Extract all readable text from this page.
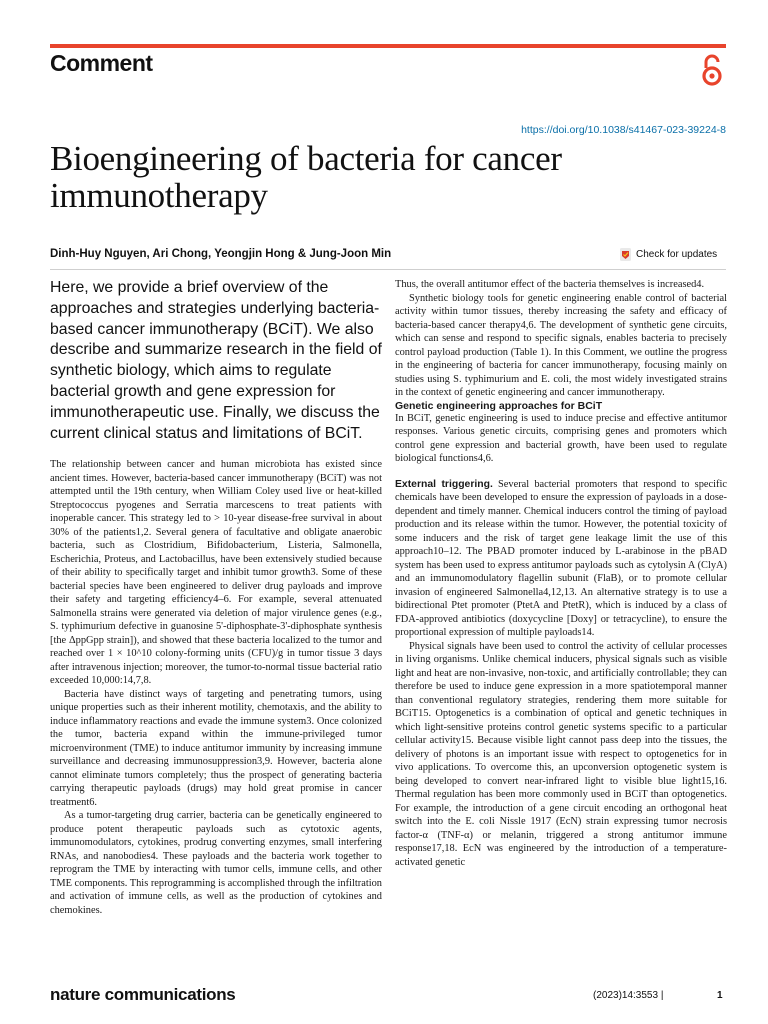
Comment
https://doi.org/10.1038/s41467-023-39224-8
Bioengineering of bacteria for cancer immunotherapy
Dinh-Huy Nguyen, Ari Chong, Yeongjin Hong & Jung-Joon Min	Check for updates

Here, we provide a brief overview of the approaches and strategies underlying bacteria-based cancer immunotherapy (BCiT). We also describe and summarize research in the field of synthetic biology, which aims to regulate bacterial growth and gene expression for immunotherapeutic use. Finally, we discuss the current clinical status and limitations of BCiT.

The relationship between cancer and human microbiota has existed since ancient times. However, bacteria-based cancer immunotherapy (BCiT) was not attempted until the 19th century, when William Coley used live or heat-killed Streptococcus pyogenes and Serratia marcescens to treat patients with inoperable cancer. This strategy led to > 10-year disease-free survival in about 30% of the patients1,2. Several genera of facultative and obligate anaerobic bacteria, such as Clostridium, Bifidobacterium, Listeria, Salmonella, Escherichia, Proteus, and Lactobacillus, have been extensively studied because of their ability to specifically target and inhibit tumor growth3. Some of these bacterial species have been engineered to deliver drug payloads and improve their safety and targeting efficiency4–6. For example, several attenuated Salmonella strains were generated via deletion of major virulence genes (e.g., S. typhimurium defective in guanosine 5'-diphosphate-3'-diphosphate synthesis [the ΔppGpp strain]), and showed that these bacteria localized to the tumor and reached over 1 × 10^10 colony-forming units (CFU)/g in tumor tissue 3 days after intravenous injection; moreover, the tumor-to-normal tissue bacterial ratio exceeded 10,000:14,7,8.

Bacteria have distinct ways of targeting and penetrating tumors, using unique properties such as their inherent motility, chemotaxis, and the ability to induce inflammatory reactions and evade the immune system3. Once colonized the tumor, bacteria expand within the immune-privileged tumor microenvironment (TME) to induce antitumor immunity by increasing immune surveillance and decreasing immunosuppression3,9. However, bacteria alone cannot eliminate tumors completely; thus the prospect of generating bacteria carrying therapeutic payloads (drugs) may hold great promise in cancer treatment6.

As a tumor-targeting drug carrier, bacteria can be genetically engineered to produce potent therapeutic payloads such as cytotoxic agents, immunomodulators, cytokines, prodrug converting enzymes, small interfering RNAs, and nanobodies4. These payloads and the bacteria work together to reprogram the TME by interacting with tumor cells, immune cells, and other TME components. This reprogramming is accomplished through the infiltration and activation of immune cells, as well as the production of cytokines and chemokines.

Thus, the overall antitumor effect of the bacteria themselves is increased4.

Synthetic biology tools for genetic engineering enable control of bacterial activity within tumor tissues, thereby increasing the safety and efficacy of bacteria-based cancer therapy4,6. The development of synthetic gene circuits, which can sense and respond to specific signals, enables bacteria to precisely control payload production (Table 1). In this Comment, we outline the progress in the engineering of bacteria for cancer immunotherapy, focusing mainly on studies using S. typhimurium and E. coli, the most widely investigated strains in the context of genetic engineering and cancer immunotherapy.

Genetic engineering approaches for BCiT

In BCiT, genetic engineering is used to induce precise and effective antitumor responses. Various genetic circuits, comprising genes and promoters which control gene expression and bacterial growth, have been used to regulate biological functions4,6.

External triggering. Several bacterial promoters that respond to specific chemicals have been developed to ensure the expression of payloads in a dose-dependent and timely manner. Chemical inducers control the timing of payload production and its release within the tumor. However, the potential toxicity of some inducers and the risk of target gene leakage limit the use of this approach10–12. The PBAD promoter induced by L-arabinose in the pBAD system has been used to express antitumor payloads such as cytolysin A (ClyA) and an immunomodulatory flagellin subunit (FlaB), or to promote cellular invasion of engineered Salmonella4,12,13. An alternative strategy is to use a bidirectional Ptet promoter (PtetA and PtetR), which is induced by a class of FDA-approved antibiotics (doxycycline [Doxy] or tetracycline), to ensure the proportional expression of multiple payloads14.

Physical signals have been used to control the activity of cellular processes in living organisms. Unlike chemical inducers, physical signals such as visible light and heat are non-invasive, non-toxic, and artificially controllable; they can therefore be used to induce gene expression in a more spatiotemporal manner than conventional regulatory strategies, rendering them more suitable for BCiT15. Optogenetics is a combination of optical and genetic techniques in which light-sensitive proteins control genetic systems specific to a particular cellular activity15. Because visible light cannot pass deep into the tissues, the delivery of photons is an important issue with respect to optogenetics for in vivo applications. To overcome this, an upconversion optogenetic system is being developed to convert near-infrared light to visible blue light15,16. Thermal regulation has been more commonly used in BCiT than optogenetics. For example, the introduction of a gene circuit encoding an orthogonal heat switch into the E. coli Nissle 1917 (EcN) strain expressing tumor necrosis factor-α (TNF-α) or melanin, triggered a strong antitumor immune response17,18. EcN was engineered by the introduction of a temperature-activated genetic

nature communications	(2023)14:3553 |	1
